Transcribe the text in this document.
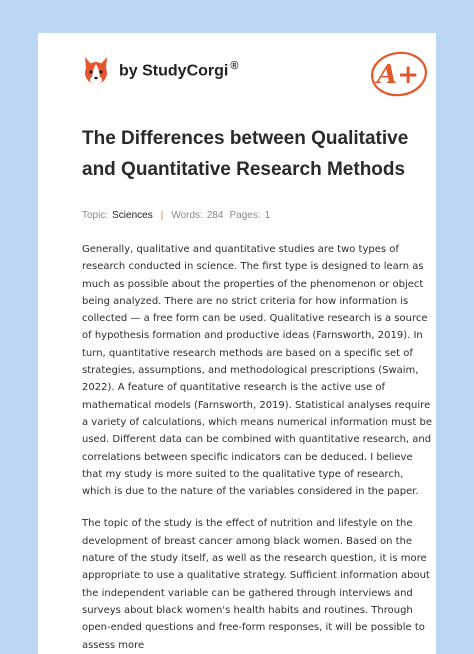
by StudyCorgi ®	A+
The Differences between Qualitative and Quantitative Research Methods
Topic: Sciences | Words: 284 Pages: 1

Generally, qualitative and quantitative studies are two types of research conducted in science. The first type is designed to learn as much as possible about the properties of the phenomenon or object being analyzed. There are no strict criteria for how information is collected — a free form can be used. Qualitative research is a source of hypothesis formation and productive ideas (Farnsworth, 2019). In turn, quantitative research methods are based on a specific set of strategies, assumptions, and methodological prescriptions (Swaim, 2022). A feature of quantitative research is the active use of mathematical models (Farnsworth, 2019). Statistical analyses require a variety of calculations, which means numerical information must be used. Different data can be combined with quantitative research, and correlations between specific indicators can be deduced. I believe that my study is more suited to the qualitative type of research, which is due to the nature of the variables considered in the paper.

The topic of the study is the effect of nutrition and lifestyle on the development of breast cancer among black women. Based on the nature of the study itself, as well as the research question, it is more appropriate to use a qualitative strategy. Sufficient information about the independent variable can be gathered through interviews and surveys about black women's health habits and routines. Through open-ended questions and free-form responses, it will be possible to assess more
